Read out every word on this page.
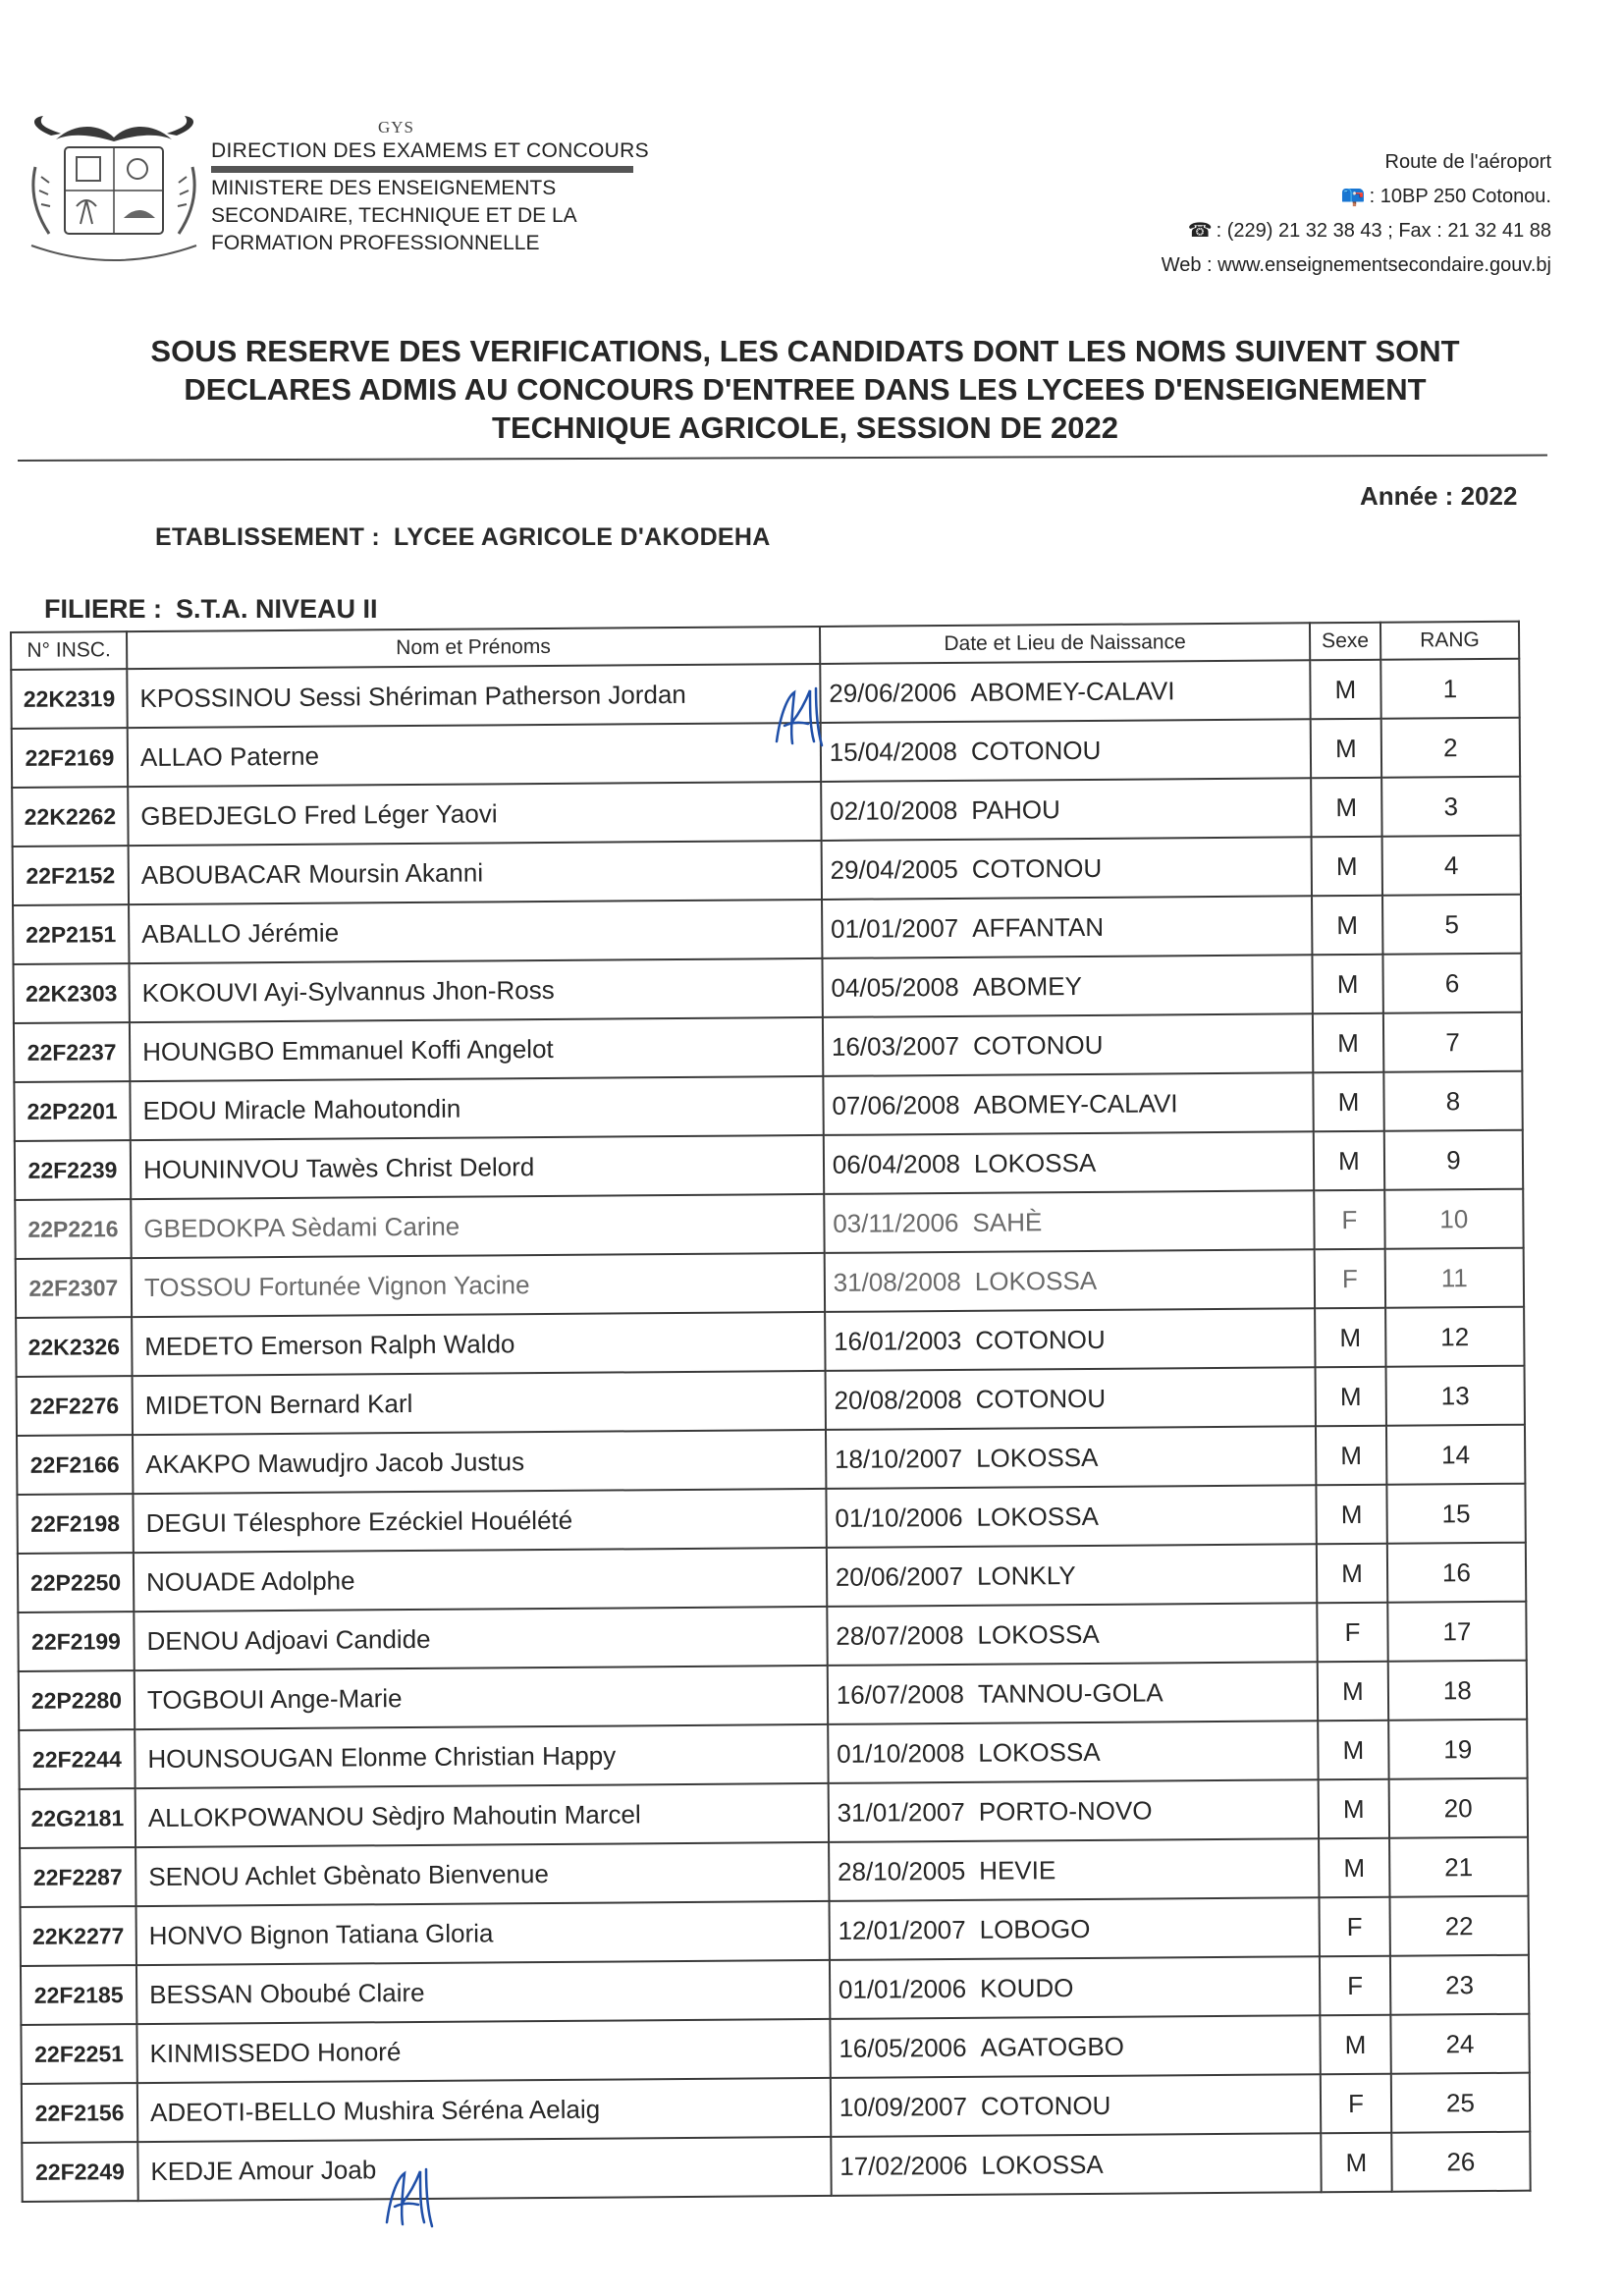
GYS
DIRECTION DES EXAMEMS ET CONCOURS
MINISTERE DES ENSEIGNEMENTS
SECONDAIRE, TECHNIQUE ET DE LA
FORMATION PROFESSIONNELLE
Route de l'aéroport
📪 : 10BP 250 Cotonou.
☎ : (229) 21 32 38 43 ; Fax : 21 32 41 88
Web : www.enseignementsecondaire.gouv.bj
SOUS RESERVE DES VERIFICATIONS, LES CANDIDATS DONT LES NOMS SUIVENT SONT
DECLARES ADMIS AU CONCOURS D'ENTREE DANS LES LYCEES D'ENSEIGNEMENT
TECHNIQUE AGRICOLE, SESSION DE 2022
Année : 2022
ETABLISSEMENT : LYCEE AGRICOLE D'AKODEHA
FILIERE : S.T.A. NIVEAU II
N° INSC.	Nom et Prénoms	Date et Lieu de Naissance	Sexe	RANG
22K2319	KPOSSINOU Sessi Shériman Patherson Jordan	29/06/2006 ABOMEY-CALAVI	M	1
22F2169	ALLAO Paterne	15/04/2008 COTONOU	M	2
22K2262	GBEDJEGLO Fred Léger Yaovi	02/10/2008 PAHOU	M	3
22F2152	ABOUBACAR Moursin Akanni	29/04/2005 COTONOU	M	4
22P2151	ABALLO Jérémie	01/01/2007 AFFANTAN	M	5
22K2303	KOKOUVI Ayi-Sylvannus Jhon-Ross	04/05/2008 ABOMEY	M	6
22F2237	HOUNGBO Emmanuel Koffi Angelot	16/03/2007 COTONOU	M	7
22P2201	EDOU Miracle Mahoutondin	07/06/2008 ABOMEY-CALAVI	M	8
22F2239	HOUNINVOU Tawès Christ Delord	06/04/2008 LOKOSSA	M	9
22P2216	GBEDOKPA Sèdami Carine	03/11/2006 SAHÈ	F	10
22F2307	TOSSOU Fortunée Vignon Yacine	31/08/2008 LOKOSSA	F	11
22K2326	MEDETO Emerson Ralph Waldo	16/01/2003 COTONOU	M	12
22F2276	MIDETON Bernard Karl	20/08/2008 COTONOU	M	13
22F2166	AKAKPO Mawudjro Jacob Justus	18/10/2007 LOKOSSA	M	14
22F2198	DEGUI Télesphore Ezéckiel Houélété	01/10/2006 LOKOSSA	M	15
22P2250	NOUADE Adolphe	20/06/2007 LONKLY	M	16
22F2199	DENOU Adjoavi Candide	28/07/2008 LOKOSSA	F	17
22P2280	TOGBOUI Ange-Marie	16/07/2008 TANNOU-GOLA	M	18
22F2244	HOUNSOUGAN Elonme Christian Happy	01/10/2008 LOKOSSA	M	19
22G2181	ALLOKPOWANOU Sèdjro Mahoutin Marcel	31/01/2007 PORTO-NOVO	M	20
22F2287	SENOU Achlet Gbènato Bienvenue	28/10/2005 HEVIE	M	21
22K2277	HONVO Bignon Tatiana Gloria	12/01/2007 LOBOGO	F	22
22F2185	BESSAN Oboubé Claire	01/01/2006 KOUDO	F	23
22F2251	KINMISSEDO Honoré	16/05/2006 AGATOGBO	M	24
22F2156	ADEOTI-BELLO Mushira Séréna Aelaig	10/09/2007 COTONOU	F	25
22F2249	KEDJE Amour Joab	17/02/2006 LOKOSSA	M	26
